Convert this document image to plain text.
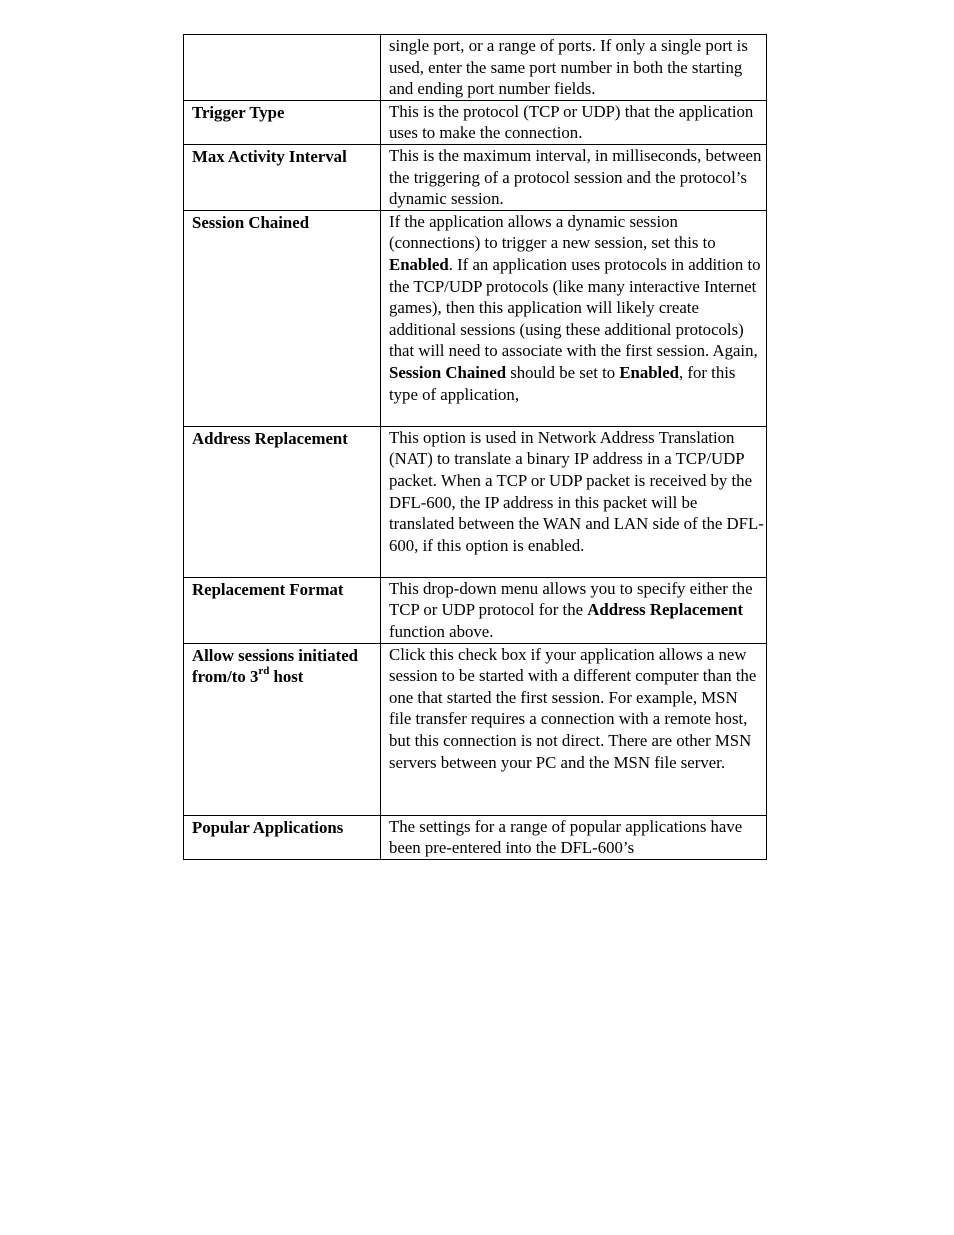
	single port, or a range of ports. If only a single port is used, enter the same port number in both the starting and ending port number fields.
Trigger Type	This is the protocol (TCP or UDP) that the application uses to make the connection.
Max Activity Interval	This is the maximum interval, in milliseconds, between the triggering of a protocol session and the protocol’s dynamic session.
Session Chained	If the application allows a dynamic session (connections) to trigger a new session, set this to Enabled. If an application uses protocols in addition to the TCP/UDP protocols (like many interactive Internet games), then this application will likely create additional sessions (using these additional protocols) that will need to associate with the first session. Again, Session Chained should be set to Enabled, for this type of application,
Address Replacement	This option is used in Network Address Translation (NAT) to translate a binary IP address in a TCP/UDP packet. When a TCP or UDP packet is received by the DFL-600, the IP address in this packet will be translated between the WAN and LAN side of the DFL-600, if this option is enabled.
Replacement Format	This drop-down menu allows you to specify either the TCP or UDP protocol for the Address Replacement function above.
Allow sessions initiated from/to 3rd host	Click this check box if your application allows a new session to be started with a different computer than the one that started the first session. For example, MSN file transfer requires a connection with a remote host, but this connection is not direct. There are other MSN servers between your PC and the MSN file server.
Popular Applications	The settings for a range of popular applications have been pre-entered into the DFL-600’s
